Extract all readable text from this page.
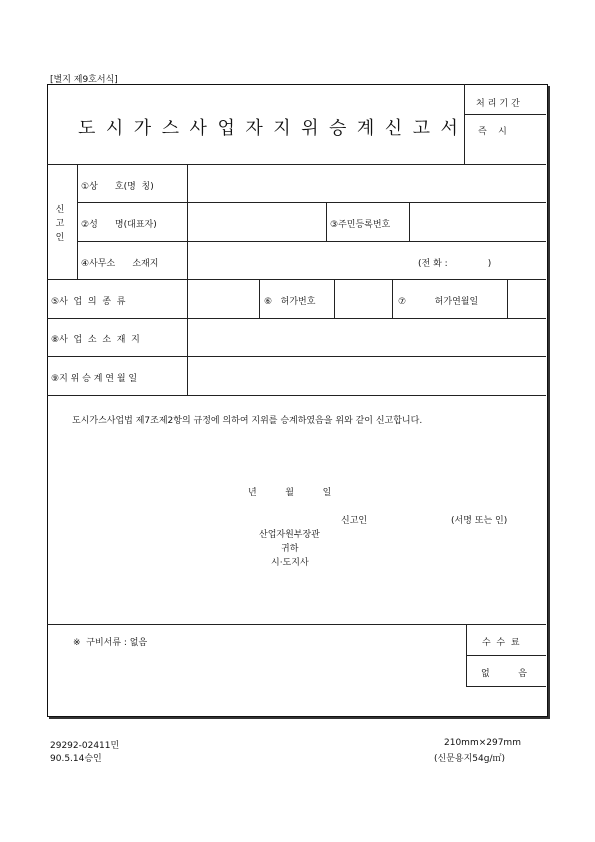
[별지 제9호서식]
도시가스사업자지위승계신고서
처리기간
즉    시
신고인
①상      호(명  칭)
②성      명(대표자)	③주민등록번호
④사무소      소재지	(전 화 :              )
⑤사  업  의  종  류	⑥   허가번호	⑦          허가연월일
⑧사  업  소  소  재  지
⑨지 위 승 계 연 월 일
도시가스사업법 제7조제2항의 규정에 의하여 지위를 승계하였음을 위와 같이 신고합니다.
년          월          일
신고인	(서명 또는 인)
산업자원부장관
귀하
시·도지사
※  구비서류 : 없음	수  수  료
없          음
29292-02411민
90.5.14승인
210mm×297mm
(신문용지54g/㎡)
